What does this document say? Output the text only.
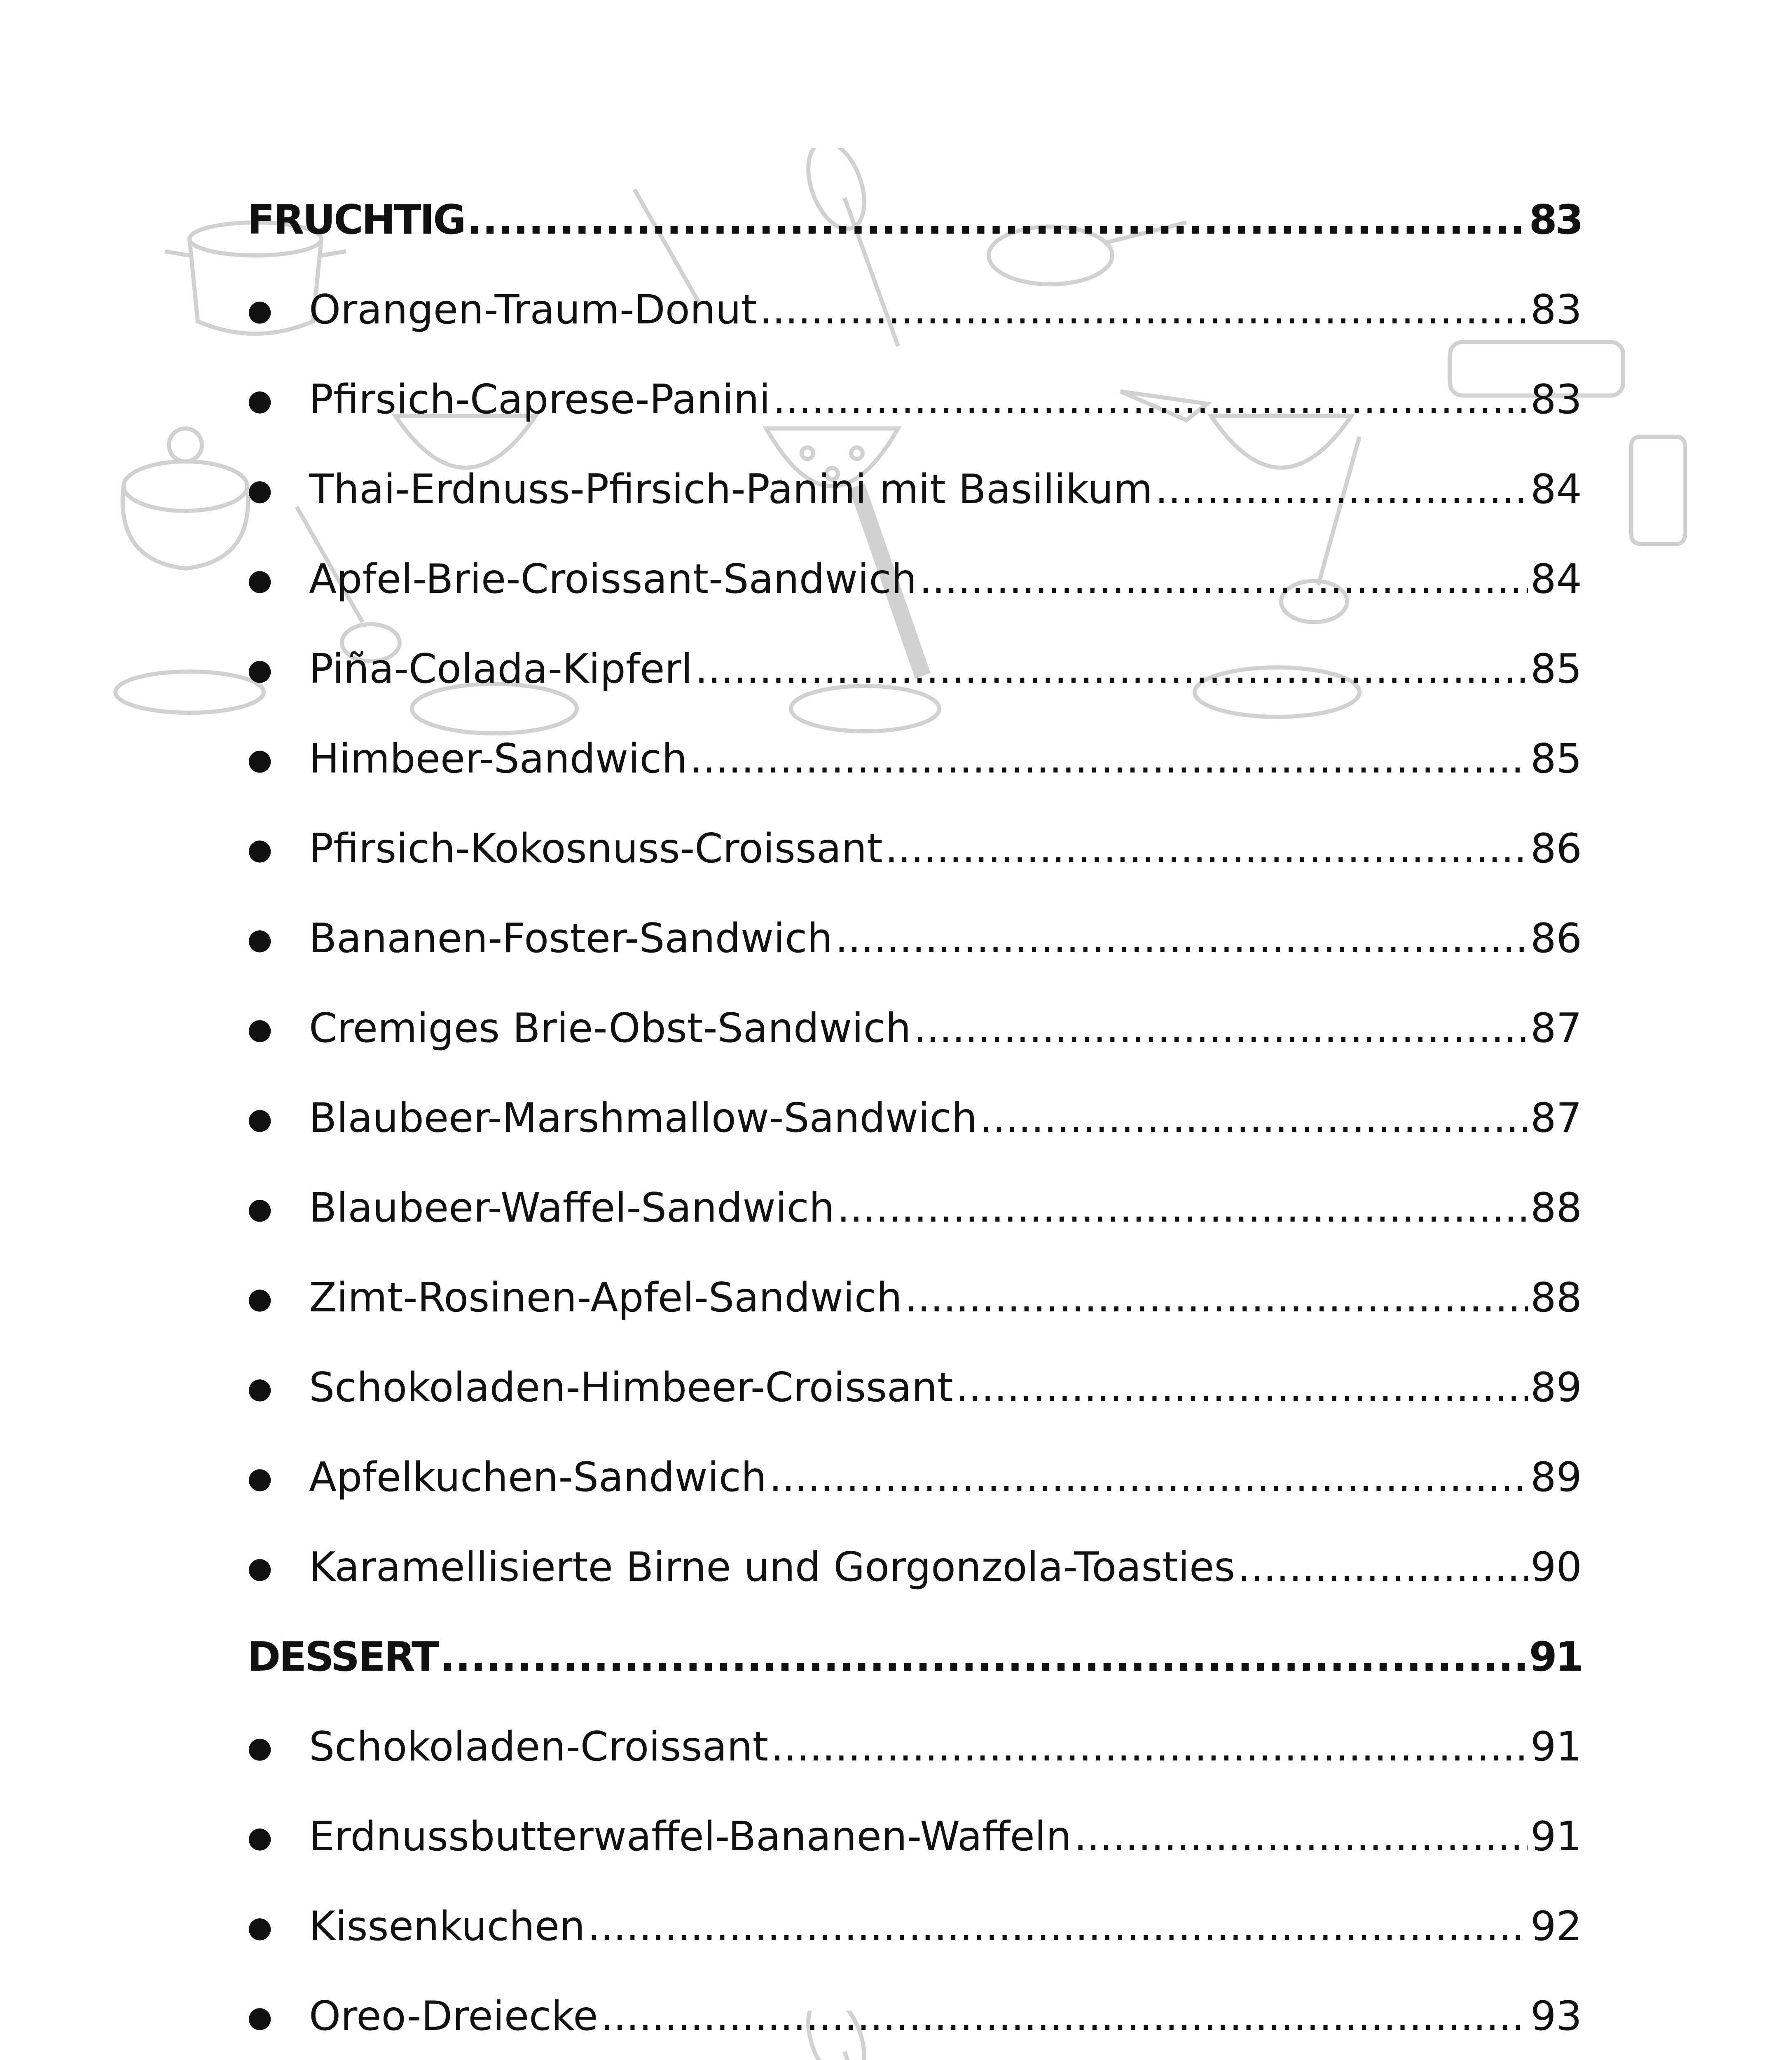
FRUCHTIG .....	83
● Orangen-Traum-Donut .....	83
● Pfirsich-Caprese-Panini .....	83
● Thai-Erdnuss-Pfirsich-Panini mit Basilikum .....	84
● Apfel-Brie-Croissant-Sandwich .....	84
● Piña-Colada-Kipferl .....	85
● Himbeer-Sandwich .....	85
● Pfirsich-Kokosnuss-Croissant .....	86
● Bananen-Foster-Sandwich .....	86
● Cremiges Brie-Obst-Sandwich .....	87
● Blaubeer-Marshmallow-Sandwich .....	87
● Blaubeer-Waffel-Sandwich .....	88
● Zimt-Rosinen-Apfel-Sandwich .....	88
● Schokoladen-Himbeer-Croissant .....	89
● Apfelkuchen-Sandwich .....	89
● Karamellisierte Birne und Gorgonzola-Toasties .....	90
DESSERT .....	91
● Schokoladen-Croissant .....	91
● Erdnussbutterwaffel-Bananen-Waffeln .....	91
● Kissenkuchen .....	92
● Oreo-Dreiecke .....	93
